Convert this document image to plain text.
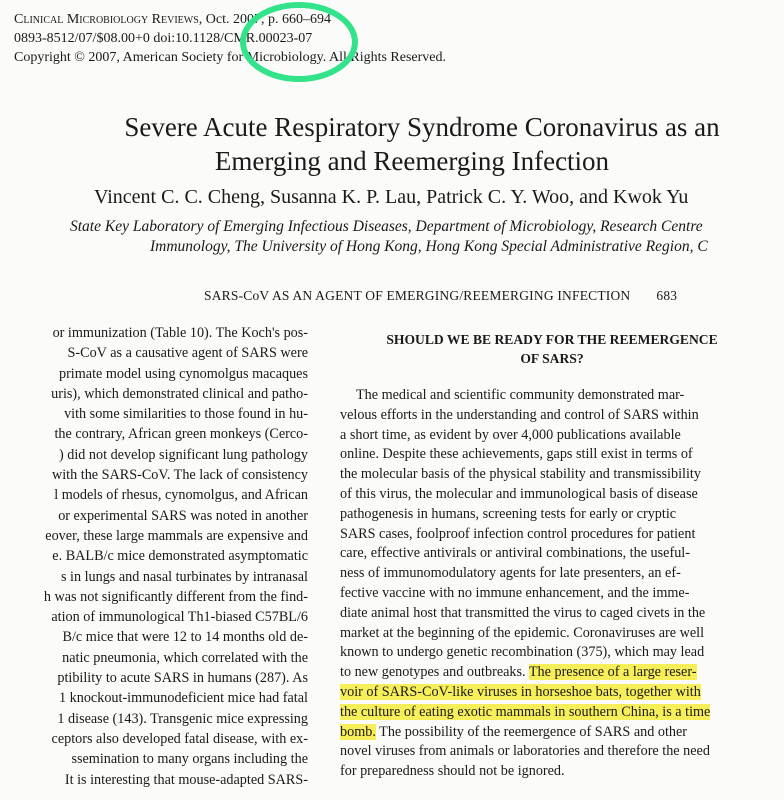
Clinical Microbiology Reviews, Oct. 2007, p. 660–694
0893-8512/07/$08.00+0 doi:10.1128/CMR.00023-07
Copyright © 2007, American Society for Microbiology. All Rights Reserved.
Severe Acute Respiratory Syndrome Coronavirus as an
Emerging and Reemerging Infection
Vincent C. C. Cheng, Susanna K. P. Lau, Patrick C. Y. Woo, and Kwok Yu
State Key Laboratory of Emerging Infectious Diseases, Department of Microbiology, Research Centre
Immunology, The University of Hong Kong, Hong Kong Special Administrative Region, C
SARS-CoV AS AN AGENT OF EMERGING/REEMERGING INFECTION 683
or immunization (Table 10). The Koch's pos-
S-CoV as a causative agent of SARS were
primate model using cynomolgus macaques
uris), which demonstrated clinical and patho-
vith some similarities to those found in hu-
the contrary, African green monkeys (Cerco-
) did not develop significant lung pathology
with the SARS-CoV. The lack of consistency
l models of rhesus, cynomolgus, and African
or experimental SARS was noted in another
eover, these large mammals are expensive and
e. BALB/c mice demonstrated asymptomatic
s in lungs and nasal turbinates by intranasal
h was not significantly different from the find-
ation of immunological Th1-biased C57BL/6
B/c mice that were 12 to 14 months old de-
natic pneumonia, which correlated with the
ptibility to acute SARS in humans (287). As
1 knockout-immunodeficient mice had fatal
1 disease (143). Transgenic mice expressing
ceptors also developed fatal disease, with ex-
ssemination to many organs including the
It is interesting that mouse-adapted SARS-
SHOULD WE BE READY FOR THE REEMERGENCE
OF SARS?
The medical and scientific community demonstrated mar-
velous efforts in the understanding and control of SARS within
a short time, as evident by over 4,000 publications available
online. Despite these achievements, gaps still exist in terms of
the molecular basis of the physical stability and transmissibility
of this virus, the molecular and immunological basis of disease
pathogenesis in humans, screening tests for early or cryptic
SARS cases, foolproof infection control procedures for patient
care, effective antivirals or antiviral combinations, the useful-
ness of immunomodulatory agents for late presenters, an ef-
fective vaccine with no immune enhancement, and the imme-
diate animal host that transmitted the virus to caged civets in the
market at the beginning of the epidemic. Coronaviruses are well
known to undergo genetic recombination (375), which may lead
to new genotypes and outbreaks. The presence of a large reser-
voir of SARS-CoV-like viruses in horseshoe bats, together with
the culture of eating exotic mammals in southern China, is a time
bomb. The possibility of the reemergence of SARS and other
novel viruses from animals or laboratories and therefore the need
for preparedness should not be ignored.
